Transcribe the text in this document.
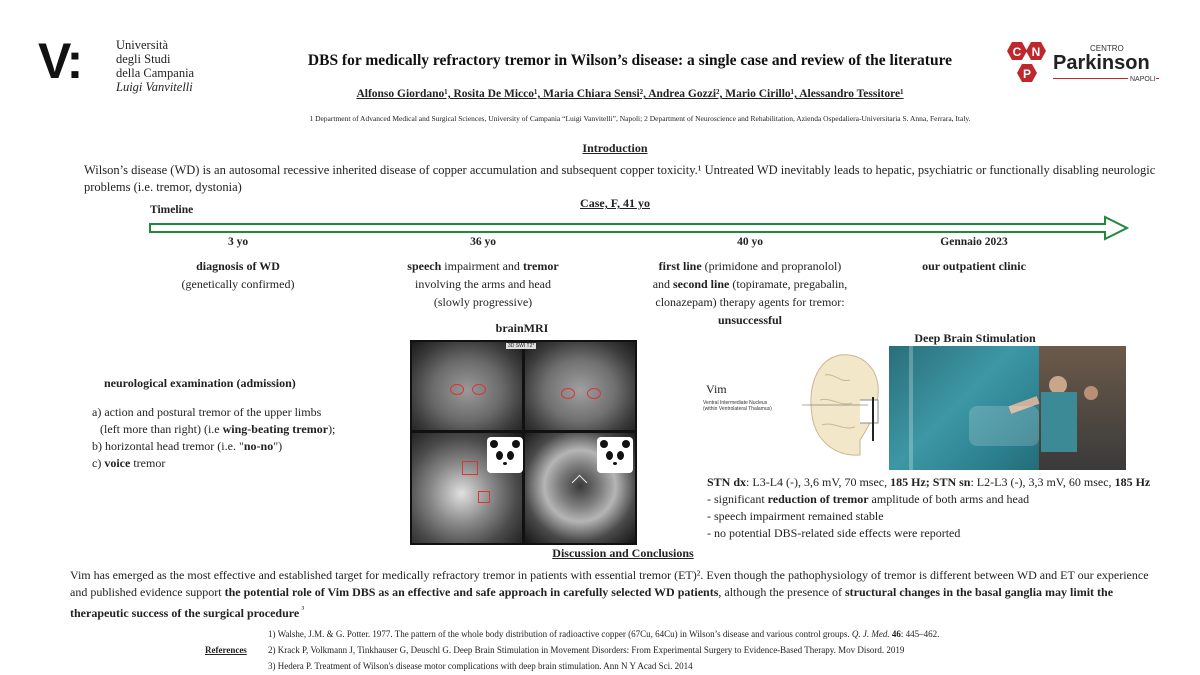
V:	Università
degli Studi
della Campania
Luigi Vanvitelli
C N
P
CENTRO
Parkinson
NAPOLI
DBS for medically refractory tremor in Wilson’s disease: a single case and review of the literature
Alfonso Giordano¹, Rosita De Micco¹, Maria Chiara Sensi², Andrea Gozzi², Mario Cirillo¹, Alessandro Tessitore¹
1 Department of Advanced Medical and Surgical Sciences, University of Campania “Luigi Vanvitelli”, Napoli; 2 Department of Neuroscience and Rehabilitation, Azienda Ospedaliera-Universitaria S. Anna, Ferrara, Italy.
Introduction
Wilson’s disease (WD) is an autosomal recessive inherited disease of copper accumulation and subsequent copper toxicity.¹ Untreated WD inevitably leads to hepatic, psychiatric or functionally disabling neurologic problems (i.e. tremor, dystonia)
Case, F, 41 yo
Timeline
3 yo
diagnosis of WD
(genetically confirmed)
36 yo
speech impairment and tremor
involving the arms and head
(slowly progressive)
40 yo
first line (primidone and propranolol)
and second line (topiramate, pregabalin,
clonazepam) therapy agents for tremor:
unsuccessful
Gennaio 2023
our outpatient clinic
neurological examination (admission)
a) action and postural tremor of the upper limbs
(left more than right) (i.e wing-beating tremor);
b) horizontal head tremor (i.e. "no-no")
c) voice tremor
brainMRI
3D SWI T2*
Deep Brain Stimulation
Vim
Ventral Intermediate Nucleus
(within Ventrolateral Thalamus)
STN dx: L3-L4 (-), 3,6 mV, 70 msec, 185 Hz; STN sn: L2-L3 (-), 3,3 mV, 60 msec, 185 Hz
- significant reduction of tremor amplitude of both arms and head
- speech impairment remained stable
- no potential DBS-related side effects were reported
Discussion and Conclusions
Vim has emerged as the most effective and established target for medically refractory tremor in patients with essential tremor (ET)². Even though the pathophysiology of tremor is different between WD and ET our experience and published evidence support the potential role of Vim DBS as an effective and safe approach in carefully selected WD patients, although the presence of structural changes in the basal ganglia may limit the therapeutic success of the surgical procedure $^{^3}$
References
1) Walshe, J.M. & G. Potter. 1977. The pattern of the whole body distribution of radioactive copper (67Cu, 64Cu) in Wilson’s disease and various control groups. Q. J. Med. 46: 445–462.
2) Krack P, Volkmann J, Tinkhauser G, Deuschl G. Deep Brain Stimulation in Movement Disorders: From Experimental Surgery to Evidence-Based Therapy. Mov Disord. 2019
3) Hedera P. Treatment of Wilson's disease motor complications with deep brain stimulation. Ann N Y Acad Sci. 2014
